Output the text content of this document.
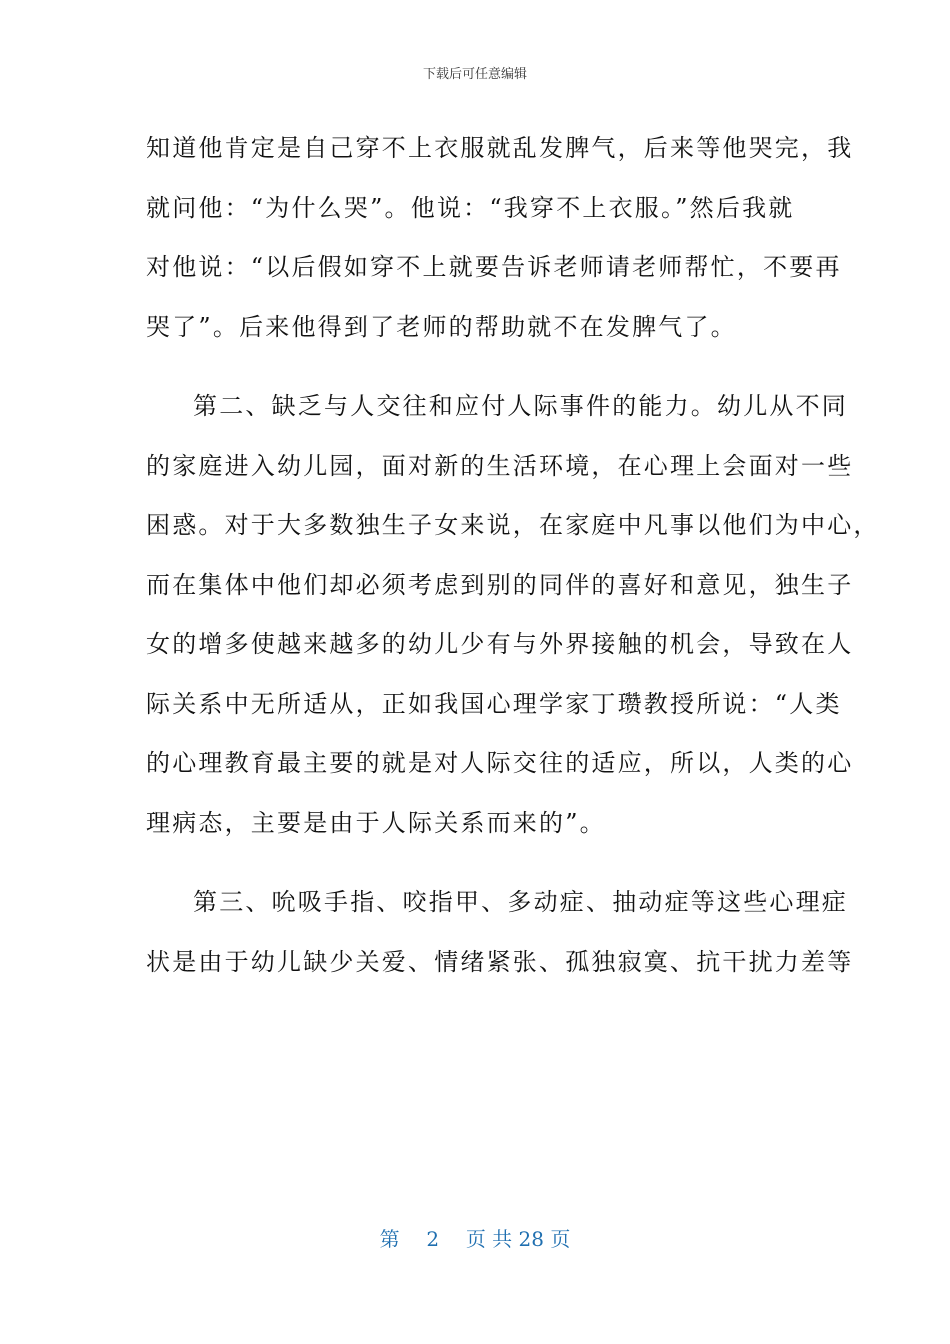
下载后可任意编辑
知道他肯定是自己穿不上衣服就乱发脾气，后来等他哭完，我
就问他：“为什么哭”。他说：“我穿不上衣服。”然后我就
对他说：“以后假如穿不上就要告诉老师请老师帮忙，不要再
哭了”。后来他得到了老师的帮助就不在发脾气了。
第二、缺乏与人交往和应付人际事件的能力。幼儿从不同
的家庭进入幼儿园，面对新的生活环境，在心理上会面对一些
困惑。对于大多数独生子女来说，在家庭中凡事以他们为中心，
而在集体中他们却必须考虑到别的同伴的喜好和意见，独生子
女的增多使越来越多的幼儿少有与外界接触的机会，导致在人
际关系中无所适从，正如我国心理学家丁瓒教授所说：“人类
的心理教育最主要的就是对人际交往的适应，所以，人类的心
理病态，主要是由于人际关系而来的”。
第三、吮吸手指、咬指甲、多动症、抽动症等这些心理症
状是由于幼儿缺少关爱、情绪紧张、孤独寂寞、抗干扰力差等
第 2 页 共 28 页
